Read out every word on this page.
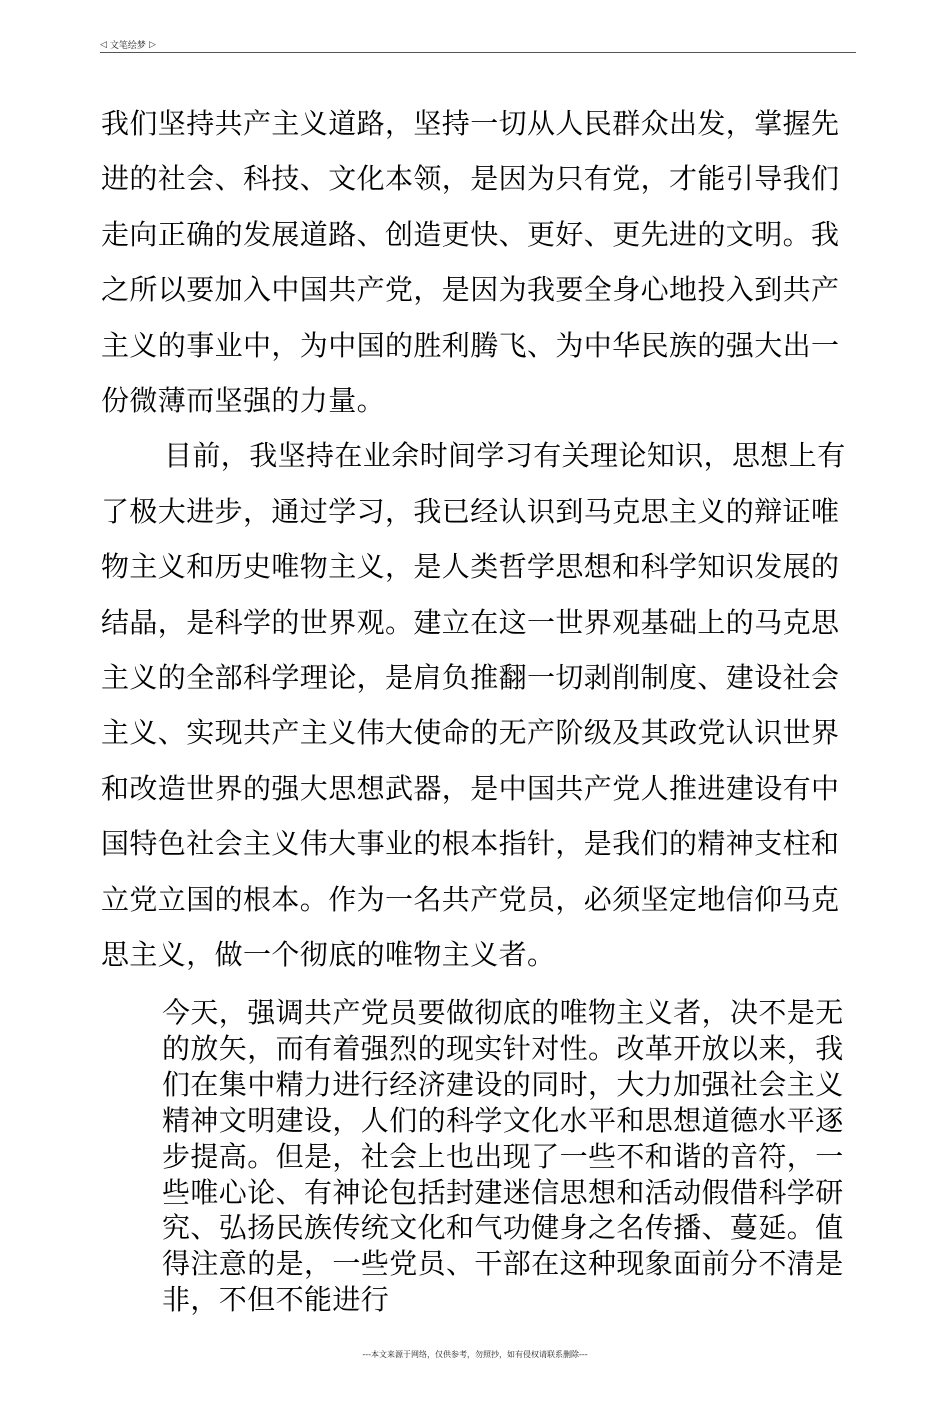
◁ 文笔绘梦 ▷

我们坚持共产主义道路，坚持一切从人民群众出发，掌握先进的社会、科技、文化本领，是因为只有党，才能引导我们走向正确的发展道路、创造更快、更好、更先进的文明。我之所以要加入中国共产党，是因为我要全身心地投入到共产主义的事业中，为中国的胜利腾飞、为中华民族的强大出一份微薄而坚强的力量。

目前，我坚持在业余时间学习有关理论知识，思想上有了极大进步，通过学习，我已经认识到马克思主义的辩证唯物主义和历史唯物主义，是人类哲学思想和科学知识发展的结晶，是科学的世界观。建立在这一世界观基础上的马克思主义的全部科学理论，是肩负推翻一切剥削制度、建设社会主义、实现共产主义伟大使命的无产阶级及其政党认识世界和改造世界的强大思想武器，是中国共产党人推进建设有中国特色社会主义伟大事业的根本指针，是我们的精神支柱和立党立国的根本。作为一名共产党员，必须坚定地信仰马克思主义，做一个彻底的唯物主义者。

今天，强调共产党员要做彻底的唯物主义者，决不是无的放矢，而有着强烈的现实针对性。改革开放以来，我们在集中精力进行经济建设的同时，大力加强社会主义精神文明建设，人们的科学文化水平和思想道德水平逐步提高。但是，社会上也出现了一些不和谐的音符，一些唯心论、有神论包括封建迷信思想和活动假借科学研究、弘扬民族传统文化和气功健身之名传播、蔓延。值得注意的是，一些党员、干部在这种现象面前分不清是非，不但不能进行

---本文来源于网络，仅供参考，勿照抄，如有侵权请联系删除---
